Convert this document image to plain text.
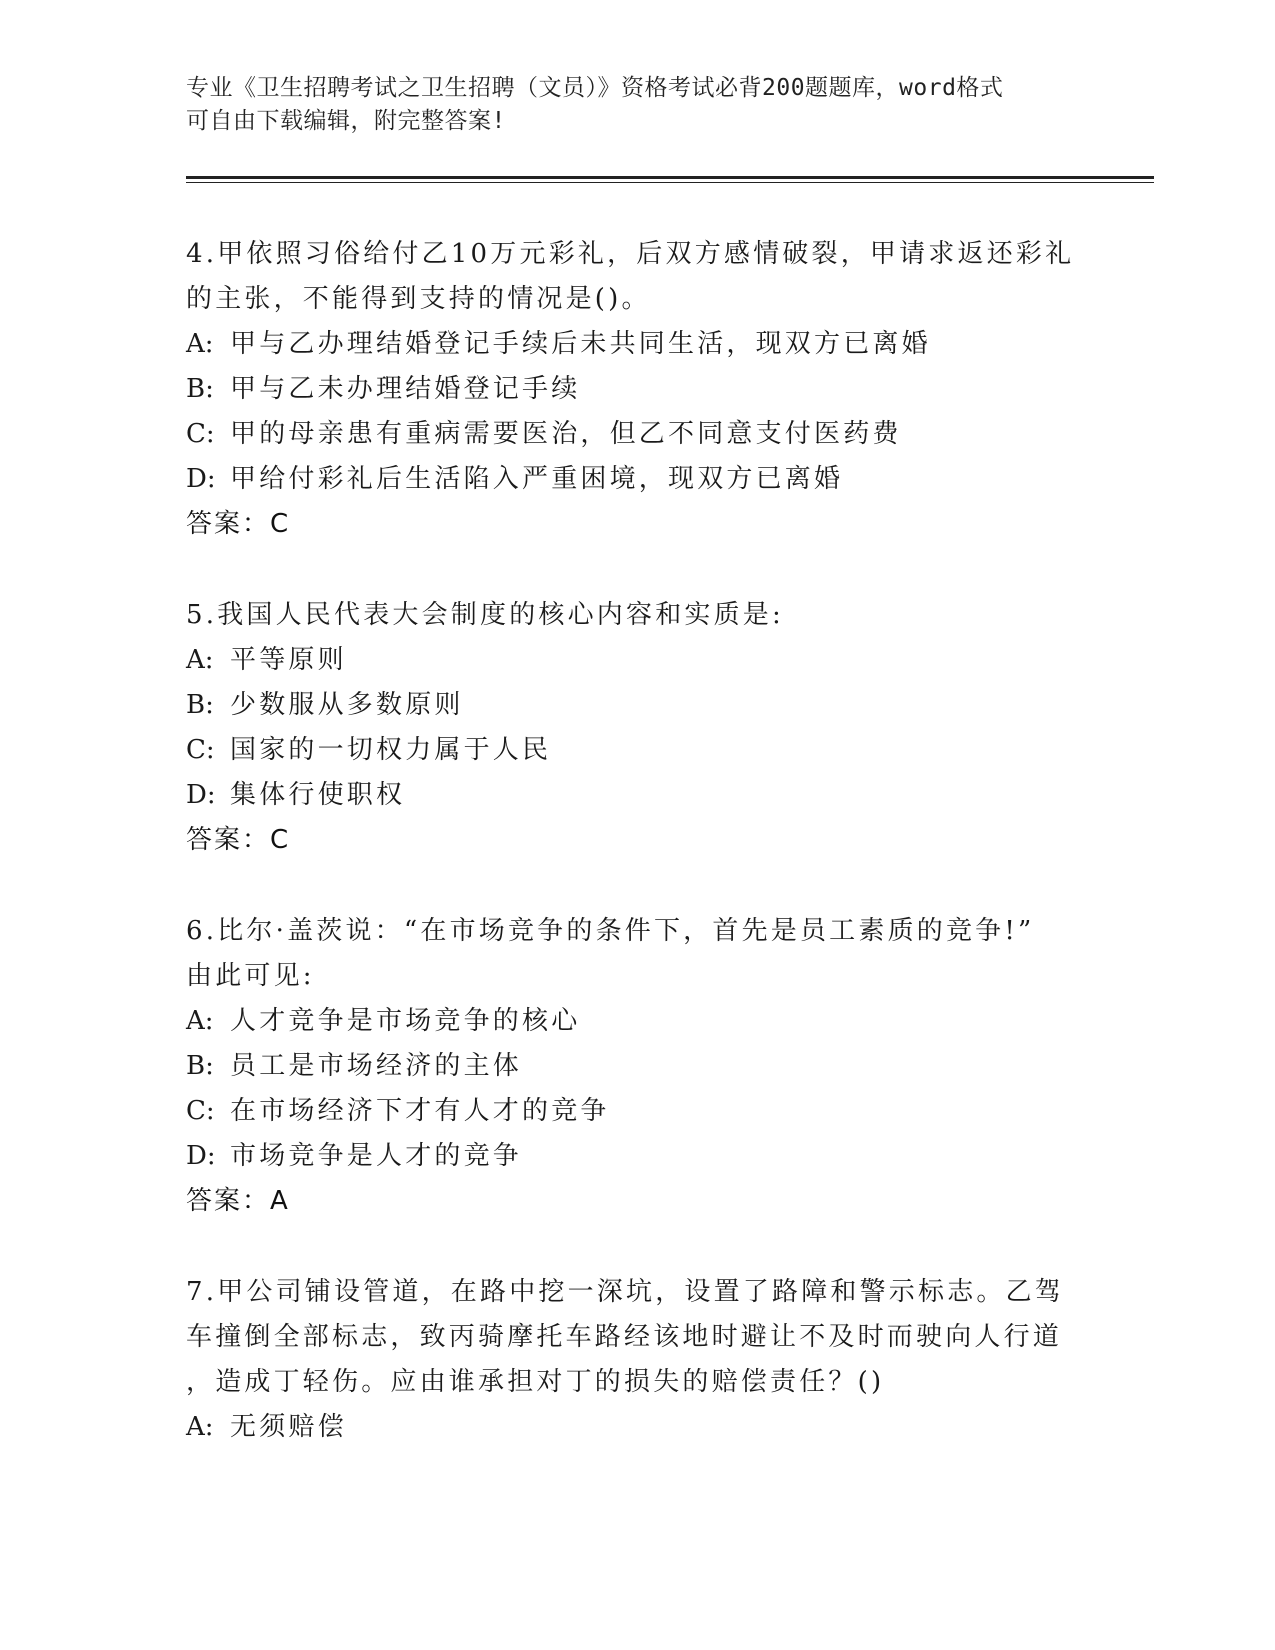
专业《卫生招聘考试之卫生招聘（文员）》资格考试必背200题题库，word格式
可自由下载编辑，附完整答案!
4.甲依照习俗给付乙10万元彩礼，后双方感情破裂，甲请求返还彩礼
的主张，不能得到支持的情况是()。
A: 甲与乙办理结婚登记手续后未共同生活，现双方已离婚
B: 甲与乙未办理结婚登记手续
C: 甲的母亲患有重病需要医治，但乙不同意支付医药费
D: 甲给付彩礼后生活陷入严重困境，现双方已离婚
答案：C
5.我国人民代表大会制度的核心内容和实质是:
A: 平等原则
B: 少数服从多数原则
C: 国家的一切权力属于人民
D: 集体行使职权
答案：C
6.比尔·盖茨说：“在市场竞争的条件下，首先是员工素质的竞争!”
由此可见:
A: 人才竞争是市场竞争的核心
B: 员工是市场经济的主体
C: 在市场经济下才有人才的竞争
D: 市场竞争是人才的竞争
答案：A
7.甲公司铺设管道，在路中挖一深坑，设置了路障和警示标志。乙驾
车撞倒全部标志，致丙骑摩托车路经该地时避让不及时而驶向人行道
，造成丁轻伤。应由谁承担对丁的损失的赔偿责任？()
A: 无须赔偿
